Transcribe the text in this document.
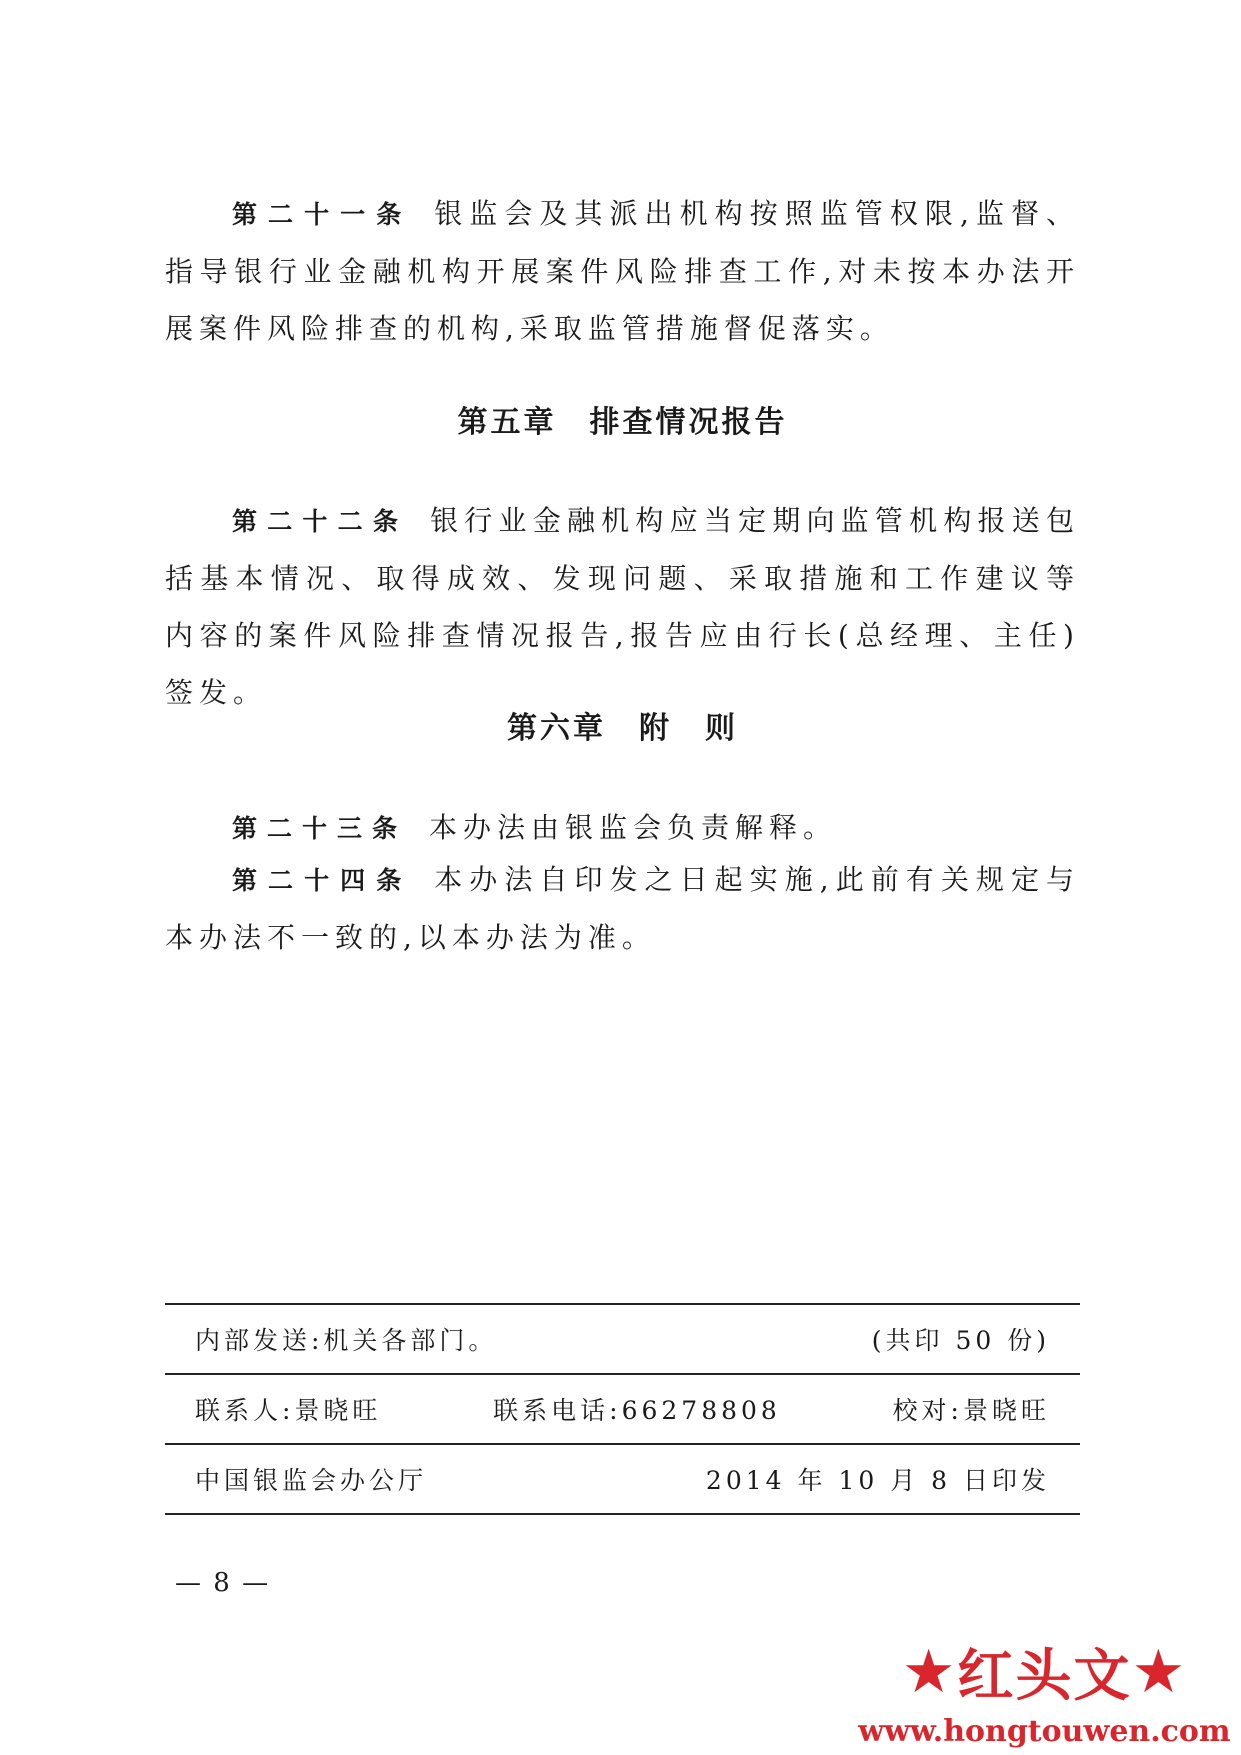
第二十一条 银监会及其派出机构按照监管权限,监督、指导银行业金融机构开展案件风险排查工作,对未按本办法开展案件风险排查的机构,采取监管措施督促落实。

第五章　排查情况报告

第二十二条 银行业金融机构应当定期向监管机构报送包括基本情况、取得成效、发现问题、采取措施和工作建议等内容的案件风险排查情况报告,报告应由行长(总经理、主任)签发。

第六章　附　则

第二十三条 本办法由银监会负责解释。

第二十四条 本办法自印发之日起实施,此前有关规定与本办法不一致的,以本办法为准。

内部发送:机关各部门。	(共印 50 份)
联系人:景晓旺	联系电话:66278808	校对:景晓旺
中国银监会办公厅	2014 年 10 月 8 日印发
— 8 —
★ 红头文 ★
www.hongtouwen.com
